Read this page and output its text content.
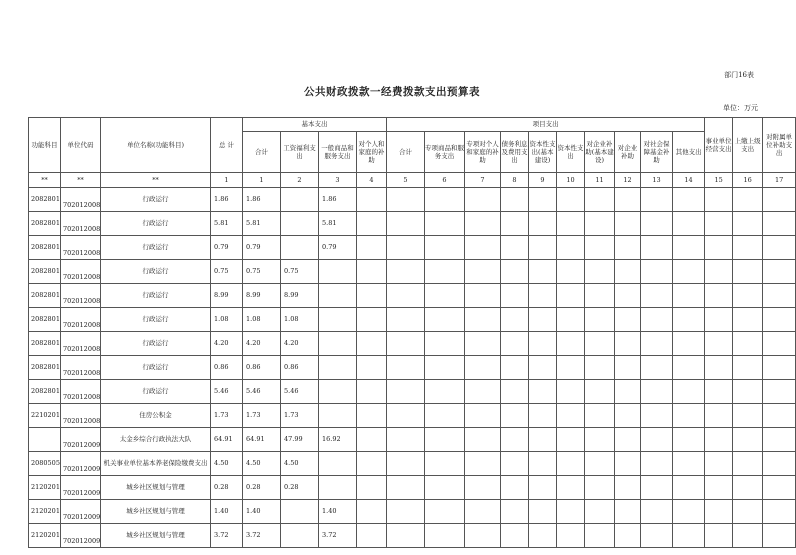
部门16表
公共财政拨款一经费拨款支出预算表
单位：万元
功能科目	单位代码	单位名称(功能科目)	总 计	基本支出				项目支出										事业单位经营支出	上缴上级支出	对附属单位补助支出
				合计	工资福利支出	一般商品和服务支出	对个人和家庭的补助	合计	专项商品和服务支出	专项对个人和家庭的补助	债务利息及费用支出	资本性支出(基本建设)	资本性支出	对企业补助(基本建设)	对企业补助	对社会保障基金补助	其他支出			
**	**	**	1	1	2	3	4	5	6	7	8	9	10	11	12	13	14	15	16	17
2082801	702012008	行政运行	1.86	1.86		1.86														
2082801	702012008	行政运行	5.81	5.81		5.81														
2082801	702012008	行政运行	0.79	0.79		0.79														
2082801	702012008	行政运行	0.75	0.75	0.75															
2082801	702012008	行政运行	8.99	8.99	8.99															
2082801	702012008	行政运行	1.08	1.08	1.08															
2082801	702012008	行政运行	4.20	4.20	4.20															
2082801	702012008	行政运行	0.86	0.86	0.86															
2082801	702012008	行政运行	5.46	5.46	5.46															
2210201	702012008	住房公积金	1.73	1.73	1.73															
	702012009	太金乡综合行政执法大队	64.91	64.91	47.99	16.92														
2080505	702012009	机关事业单位基本养老保险缴费支出	4.50	4.50	4.50															
2120201	702012009	城乡社区规划与管理	0.28	0.28	0.28															
2120201	702012009	城乡社区规划与管理	1.40	1.40		1.40														
2120201	702012009	城乡社区规划与管理	3.72	3.72		3.72														
